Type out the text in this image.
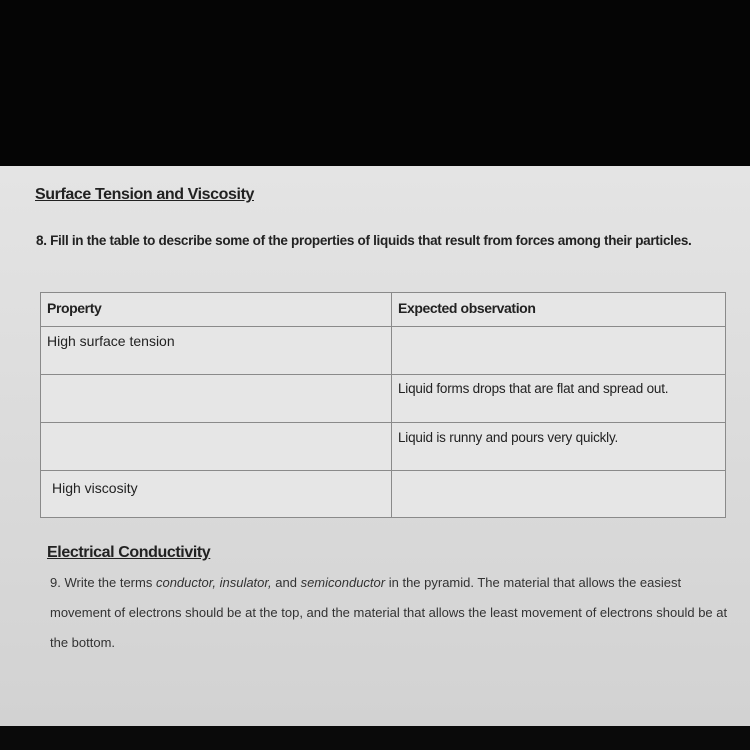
Surface Tension and Viscosity
8. Fill in the table to describe some of the properties of liquids that result from forces among their particles.
Property	Expected observation
High surface tension
Liquid forms drops that are flat and spread out.
Liquid is runny and pours very quickly.
High viscosity
Electrical Conductivity
9. Write the terms conductor, insulator, and semiconductor in the pyramid. The material that allows the easiest movement of electrons should be at the top, and the material that allows the least movement of electrons should be at the bottom.
